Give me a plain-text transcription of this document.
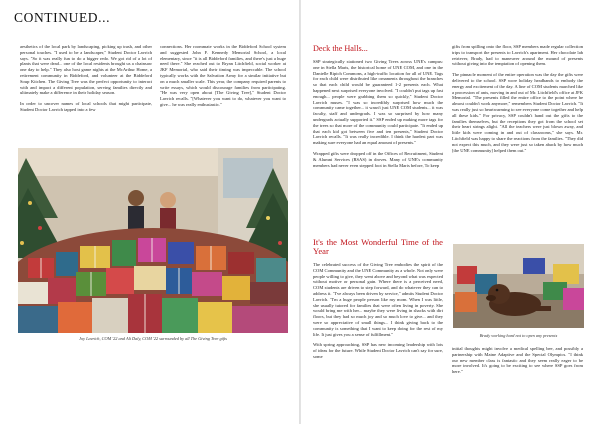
CONTINUED...

aesthetics of the local park by landscaping, picking up trash, and other personal touches. "I used to be a landscaper," Student Doctor Lavrich says. "So it was really fun to do a bigger redo. We got rid of a lot of plants that were dead... one of the local residents brought us a chainsaw one day to help." They also host game nights at the McArthur Home, a retirement community in Biddeford, and volunteer at the Biddeford Soup Kitchen. The Giving Tree was the perfect opportunity to interact with and impact a different population, serving families directly and ultimately make a difference in their holiday season.

In order to uncover names of local schools that might participate, Student Doctor Lavrich tapped into a few

connections. Her roommate works in the Biddeford School system and suggested John F. Kennedy Memorial School, a local elementary, since "it is all Biddeford families, and there's just a huge need there." She reached out to Bryan Litchfield, social worker at JKF Memorial, who said their timing was impeccable. The school typically works with the Salvation Army for a similar initiative but on a much smaller scale. This year, the company required parents to write essays, which would discourage families from participating. "He was very open about [The Giving Tree]," Student Doctor Lavrich recalls. "[Whatever you want to do, whatever you want to give... he was really enthusiastic."

Joy Lavrich, COM '22 and Ali Daly, COM '22 surrounded by all The Giving Tree gifts
Deck the Halls...

SSP strategically stationed two Giving Trees across UNE's campus: one in Stella Maris, the historical home of UNE COM, and one in the Danielle Ripich Commons, a high-traffic location for all of UNE. Tags for each child were distributed like ornaments throughout the branches so that each child would be guaranteed 1-2 presents each. What happened next surprised everyone involved. "I couldn't put tags up fast enough... people were grabbing them so quickly," Student Doctor Lavrich muses. "I was so incredibly surprised how much the community came together... it wasn't just UNE COM students... it was faculty, staff and undergrads. I was so surprised by how many undergrads actually supported it." SSP ended up making more tags for the trees so that more of the community could participate. "It ended up that each kid got between five and ten presents," Student Doctor Lavrich recalls. "It was really incredible. I think the hardest part was making sure everyone had an equal amount of presents."

Wrapped gifts were dropped off in the Offices of Recruitment, Student & Alumni Services (RSAS) in droves. Many of UNE's community members had never even stepped foot in Stella Maris before, To keep

gifts from spilling onto the floor, SSP members made regular collection trips to transport the presents to Lavrich's apartment. Her chocolate lab retriever, Brady, had to maneuver around the mound of presents without giving into the temptation of opening them.

The pinnacle moment of the entire operation was the day the gifts were delivered to the school. SSP wore holiday headbands to embody the energy and excitement of the day. A line of COM students marched like a procession of ants, moving in and out of Mr. Litchfield's office at JFK Memorial. "The presents filled the entire office to the point where he almost couldn't work anymore," remembers Student Doctor Lavrich. "It was really just so heartwarming to see everyone come together and help all these kids." For privacy, SSP couldn't hand out the gifts to the families themselves, but the receptions they got from the school set their heart strings alight. "All the teachers were just blown away, and little kids were coming in and out of classrooms," she says. Mr. Litchfield was happy to share the reactions from the families. "They did not expect this much, and they were just so taken aback by how much [the UNE community] helped them out."

It's the Most Wonderful Time of the Year

The celebrated success of the Giving Tree embodies the spirit of the COM Community and the UNE Community as a whole. Not only were people willing to give, they went above and beyond what was expected without motive or personal gain. Where there is a perceived need, COM students are driven to step forward, and do whatever they can to address it. "I've always been driven by service," admits Student Doctor Lavrich. "I'm a huge people person like my mom. When I was little, she usually tutored for families that were often living in poverty. She would bring me with her... maybe they were living in shacks with dirt floors, but they had so much joy and so much love to give... and they were so appreciative of small things... I think giving back to the community is something that I want to keep doing for the rest of my life. It just gives you a sense of fulfillment."

With spring approaching, SSP has new incoming leadership with lots of ideas for the future. While Student Doctor Lavrich can't say for sure, some

Brady working hard not to open any presents

initial thoughts might involve a medical spelling bee, and possibly a partnership with Maine Adaptive and the Special Olympics. "I think our new member class is fantastic and they seem really eager to be more involved. It's going to be exciting to see where SSP goes from here."
